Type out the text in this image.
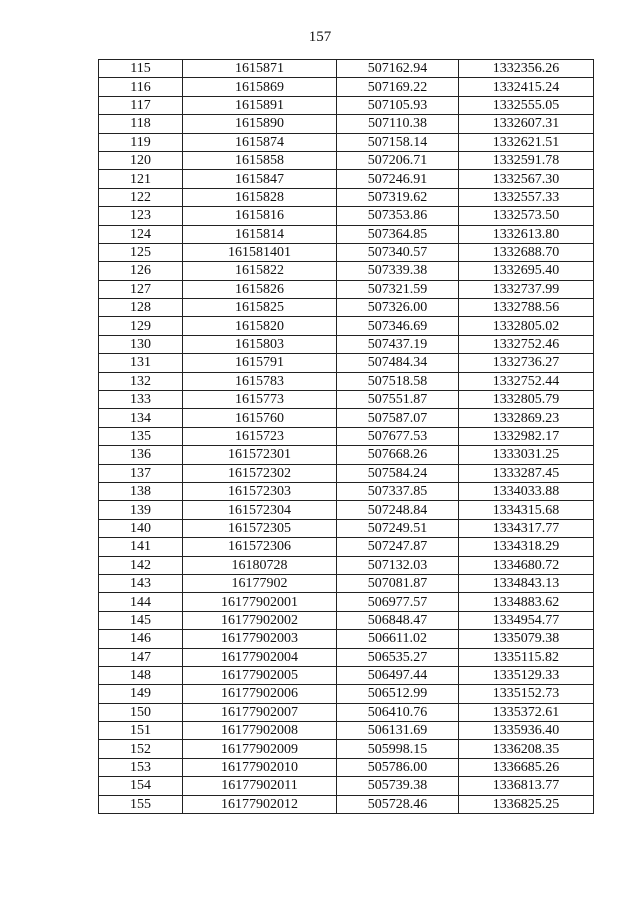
157
115	1615871	507162.94	1332356.26
116	1615869	507169.22	1332415.24
117	1615891	507105.93	1332555.05
118	1615890	507110.38	1332607.31
119	1615874	507158.14	1332621.51
120	1615858	507206.71	1332591.78
121	1615847	507246.91	1332567.30
122	1615828	507319.62	1332557.33
123	1615816	507353.86	1332573.50
124	1615814	507364.85	1332613.80
125	161581401	507340.57	1332688.70
126	1615822	507339.38	1332695.40
127	1615826	507321.59	1332737.99
128	1615825	507326.00	1332788.56
129	1615820	507346.69	1332805.02
130	1615803	507437.19	1332752.46
131	1615791	507484.34	1332736.27
132	1615783	507518.58	1332752.44
133	1615773	507551.87	1332805.79
134	1615760	507587.07	1332869.23
135	1615723	507677.53	1332982.17
136	161572301	507668.26	1333031.25
137	161572302	507584.24	1333287.45
138	161572303	507337.85	1334033.88
139	161572304	507248.84	1334315.68
140	161572305	507249.51	1334317.77
141	161572306	507247.87	1334318.29
142	16180728	507132.03	1334680.72
143	16177902	507081.87	1334843.13
144	16177902001	506977.57	1334883.62
145	16177902002	506848.47	1334954.77
146	16177902003	506611.02	1335079.38
147	16177902004	506535.27	1335115.82
148	16177902005	506497.44	1335129.33
149	16177902006	506512.99	1335152.73
150	16177902007	506410.76	1335372.61
151	16177902008	506131.69	1335936.40
152	16177902009	505998.15	1336208.35
153	16177902010	505786.00	1336685.26
154	16177902011	505739.38	1336813.77
155	16177902012	505728.46	1336825.25
